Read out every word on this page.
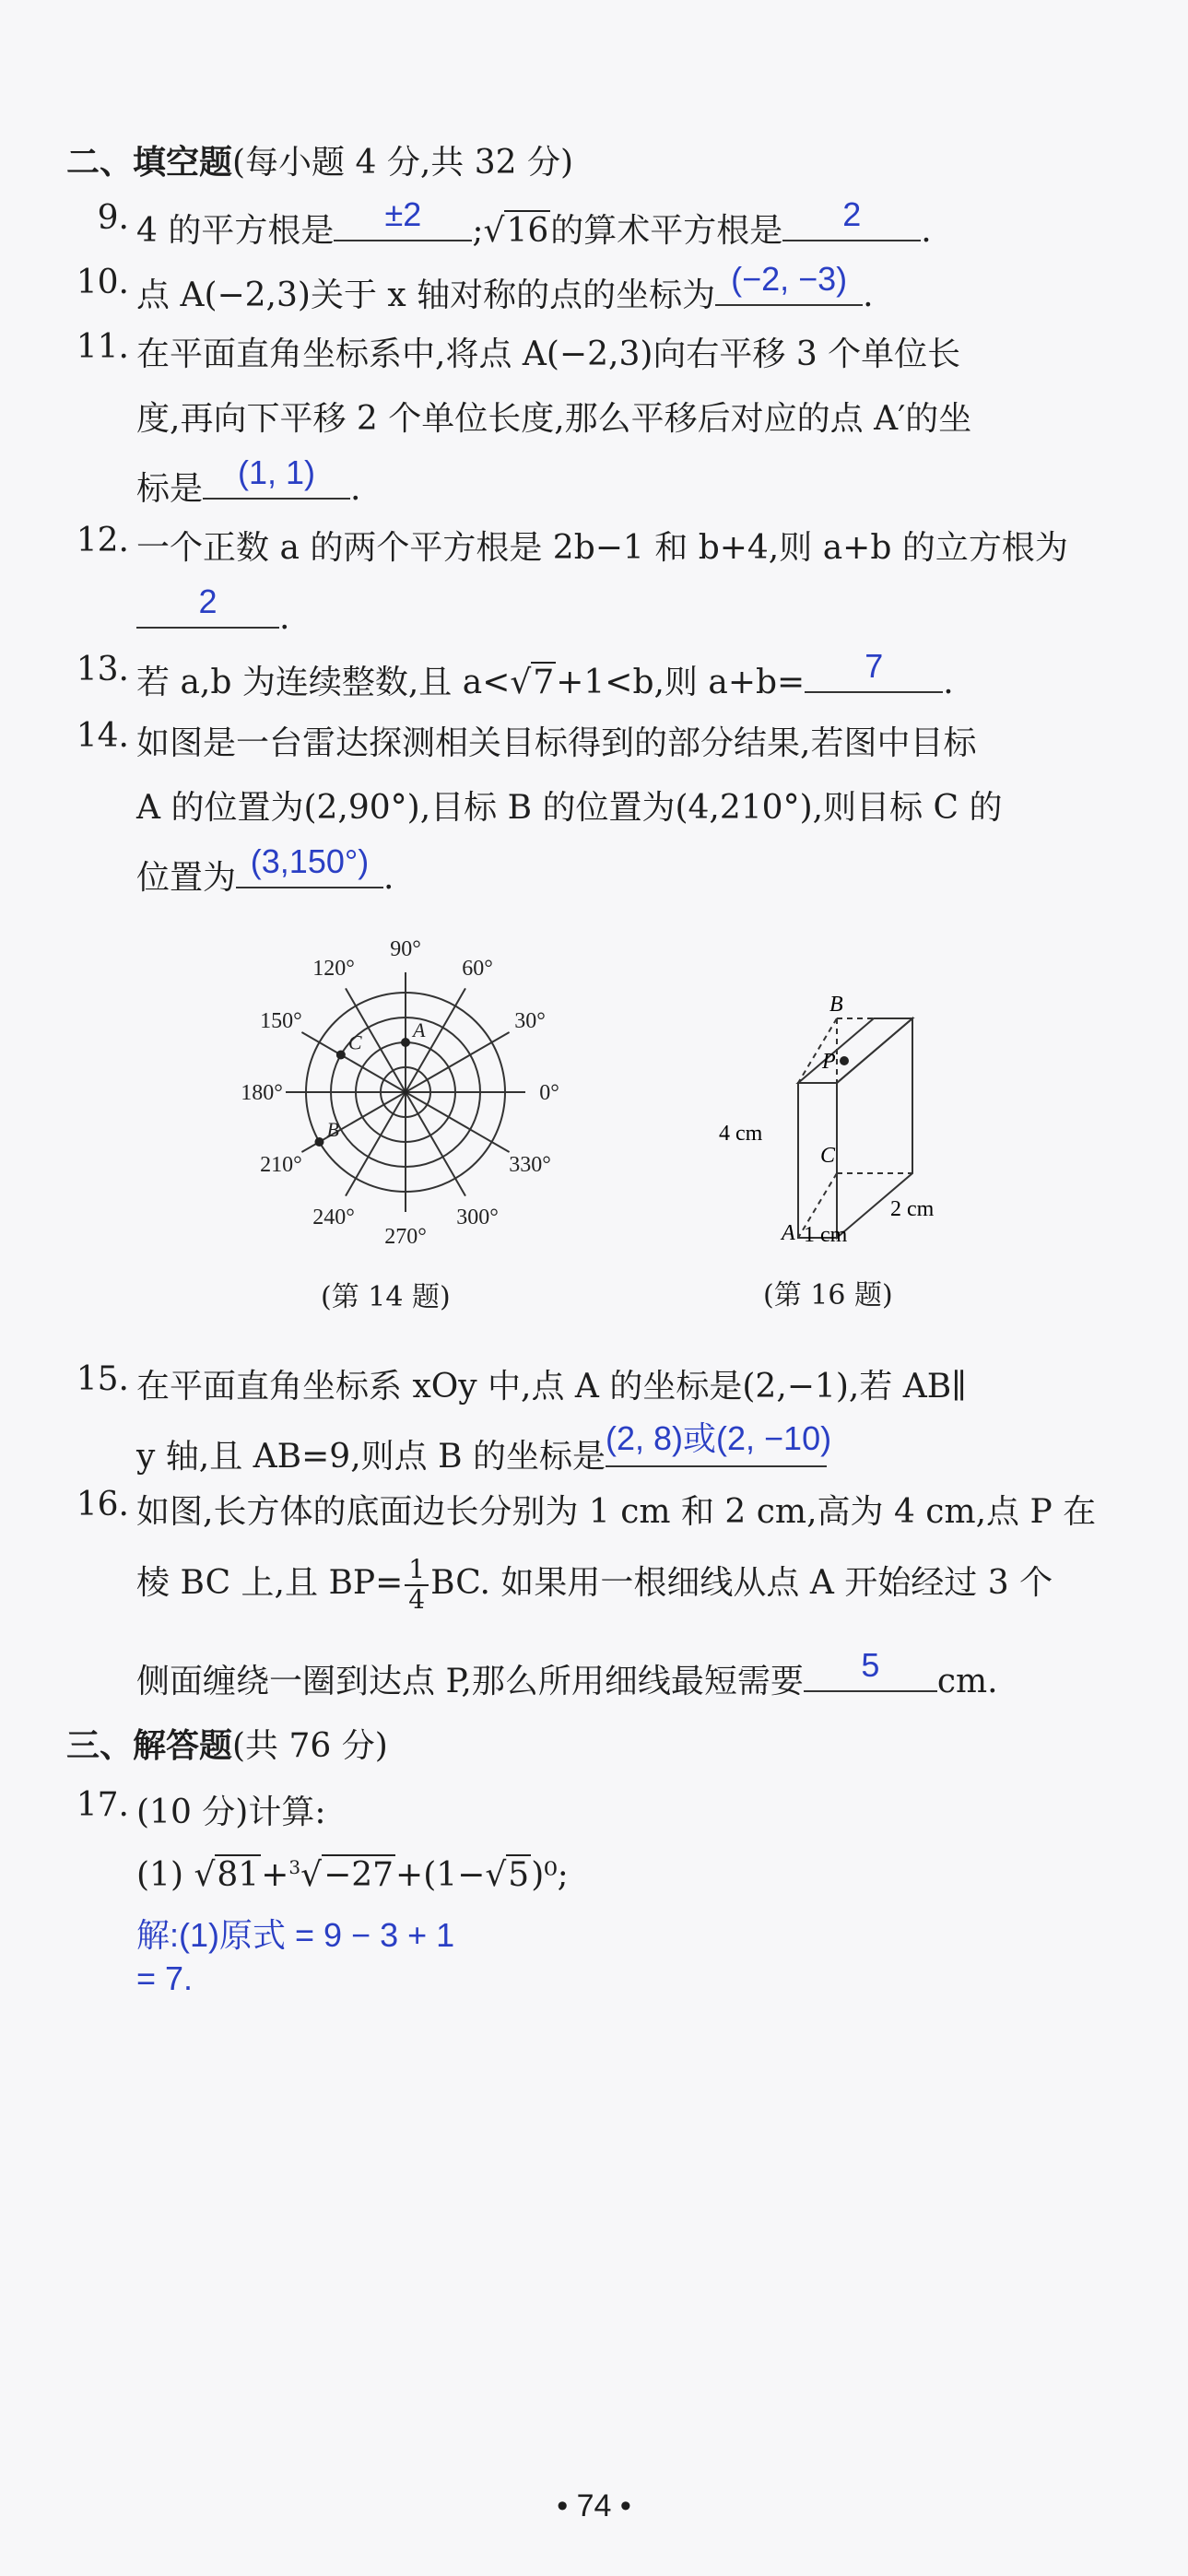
二、填空题(每小题 4 分,共 32 分)
9. 4 的平方根是	±2	;√16的算术平方根是	2	.
10. 点 A(−2,3)关于 x 轴对称的点的坐标为 (−2, −3) .
11. 在平面直角坐标系中,将点 A(−2,3)向右平移 3 个单位长
度,再向下平移 2 个单位长度,那么平移后对应的点 A′的坐
标是	(1, 1)	.
12. 一个正数 a 的两个平方根是 2b−1 和 b+4,则 a+b 的立方根为
2	.
13. 若 a,b 为连续整数,且 a<√7+1<b,则 a+b=	7	.
14. 如图是一台雷达探测相关目标得到的部分结果,若图中目标
A 的位置为(2,90°),目标 B 的位置为(4,210°),则目标 C 的
位置为 (3,150°) .
0°
30°
60°
90°
120°
150°
180°
210°
240°
270°
300°
330°
A
B
C
(第 14 题)
B
P
C
A
4 cm
1 cm
2 cm
(第 16 题)
15. 在平面直角坐标系 xOy 中,点 A 的坐标是(2,−1),若 AB∥
y 轴,且 AB=9,则点 B 的坐标是 (2, 8)或(2, −10)
16. 如图,长方体的底面边长分别为 1 cm 和 2 cm,高为 4 cm,点 P 在
棱 BC 上,且 $BP= \frac{1}{4}$ BC. 如果用一根细线从点 A 开始经过 3 个
侧面缠绕一圈到达点 P,那么所用细线最短需要	5	cm.
三、解答题(共 76 分)
17. (10 分)计算:
(1) √81+$^3$√−27+(1−√5)⁰;
解:(1)原式 = 9 − 3 + 1
= 7.
• 74 •
